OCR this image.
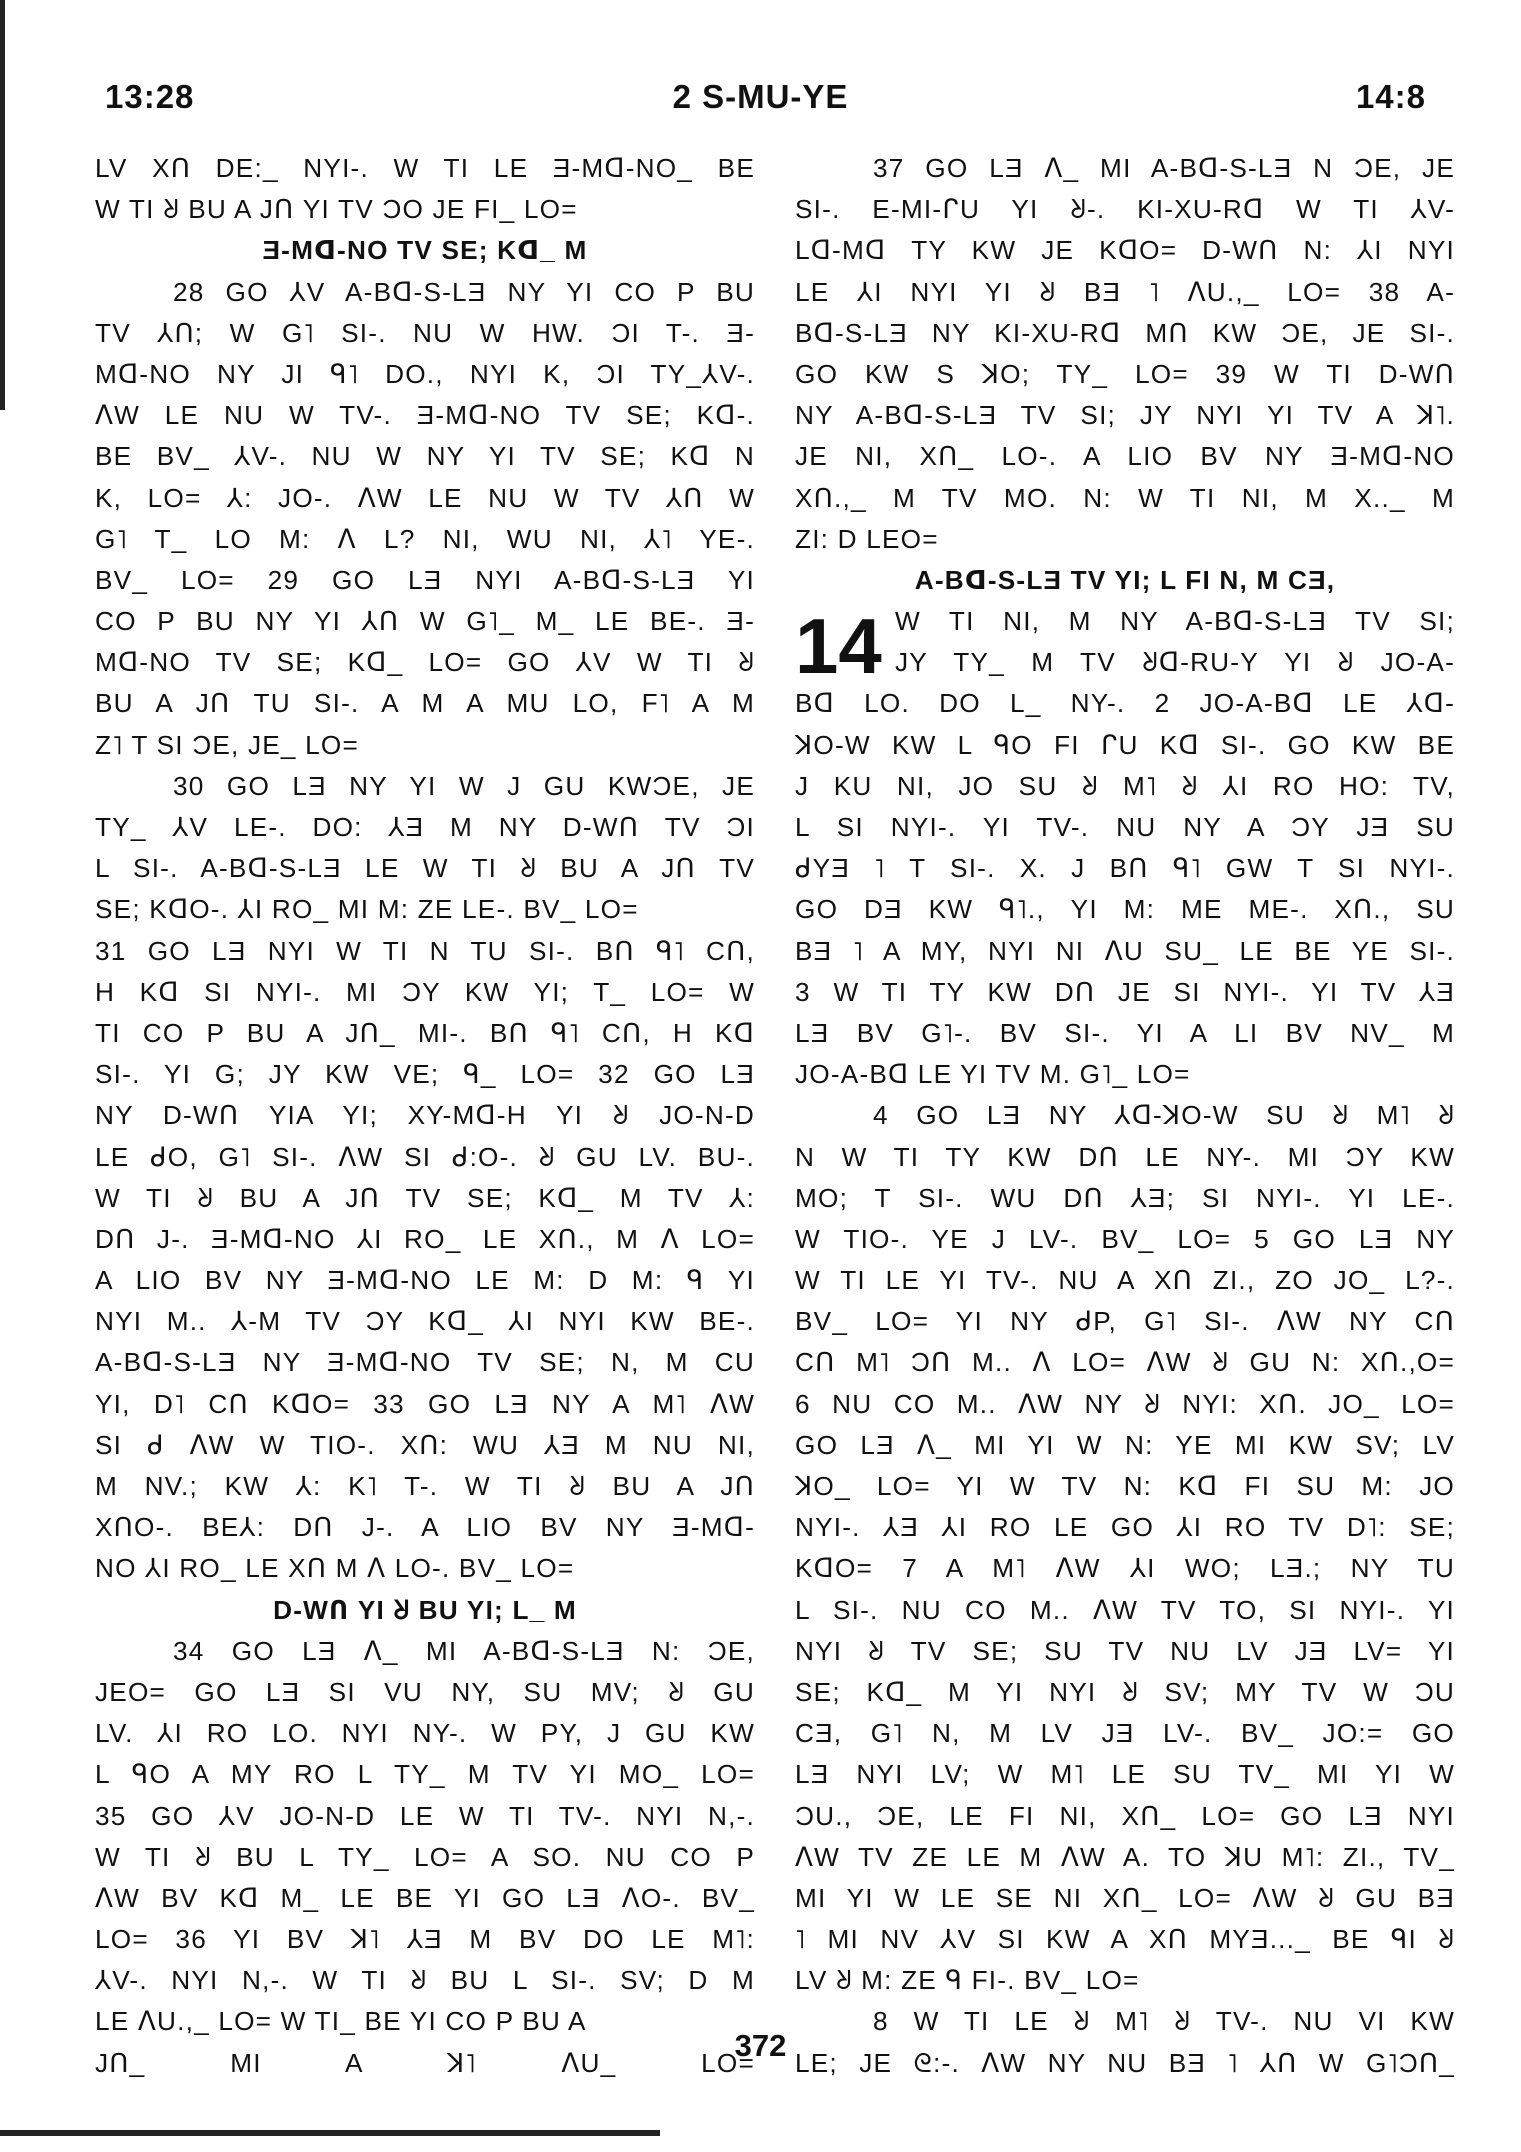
2 S-MU-YE
13:28	14:8
LV XՈ DE:_ NYI-. W TI LE Ǝ-Mᗡ-NO_ BE
W TI ᖈ BU A JՈ YI TV ƆO JE FI_ LO=
Ǝ-Mᗡ-NO TV SE; Kᗡ_ M
28 GO ⅄V A-Bᗡ-S-LƎ NY YI CO P BU
TV ⅄Ո; W G˥ SI-. NU W HW. ƆI T-. Ǝ-
Mᗡ-NO NY JI ᑫ˥ DO., NYI K, ƆI TY_⅄V-.
ᐱW LE NU W TV-. Ǝ-Mᗡ-NO TV SE; Kᗡ-.
BE BV_ ⅄V-. NU W NY YI TV SE; Kᗡ N
K, LO= ⅄: JO-. ᐱW LE NU W TV ⅄Ո W
G˥ T_ LO M: ᐱ L? NI, WU NI, ⅄˥ YE-.
BV_ LO= 29 GO LƎ NYI A-Bᗡ-S-LƎ YI
CO P BU NY YI ⅄Ո W G˥_ M_ LE BE-. Ǝ-
Mᗡ-NO TV SE; Kᗡ_ LO= GO ⅄V W TI ᖈ
BU A JՈ TU SI-. A M A MU LO, F˥ A M
Z˥ T SI ƆE, JE_ LO=
30 GO LƎ NY YI W J GU KWƆE, JE
TY_ ⅄V LE-. DO: ⅄Ǝ M NY D-WՈ TV ƆI
L SI-. A-Bᗡ-S-LƎ LE W TI ᖈ BU A JՈ TV
SE; KᗡO-. ⅄I RO_ MI M: ZE LE-. BV_ LO=
31 GO LƎ NYI W TI N TU SI-. BՈ ᑫ˥ CՈ,
H Kᗡ SI NYI-. MI ƆY KW YI; T_ LO= W
TI CO P BU A JՈ_ MI-. BՈ ᑫ˥ CՈ, H Kᗡ
SI-. YI G; JY KW VE; ᑫ_ LO= 32 GO LƎ
NY D-WՈ YIA YI; XY-Mᗡ-H YI ᖈ JO-N-D
LE ᑯO, G˥ SI-. ᐱW SI ᑯ:O-. ᖈ GU LV. BU-.
W TI ᖈ BU A JՈ TV SE; Kᗡ_ M TV ⅄:
DՈ J-. Ǝ-Mᗡ-NO ⅄I RO_ LE XՈ., M ᐱ LO=
A LIO BV NY Ǝ-Mᗡ-NO LE M: D M: ᑫ YI
NYI M.. ⅄-M TV ƆY Kᗡ_ ⅄I NYI KW BE-.
A-Bᗡ-S-LƎ NY Ǝ-Mᗡ-NO TV SE; N, M CU
YI, D˥ CՈ KᗡO= 33 GO LƎ NY A M˥ ᐱW
SI ᑯ ᐱW W TIO-. XՈ: WU ⅄Ǝ M NU NI,
M NV.; KW ⅄: K˥ T-. W TI ᖈ BU A JՈ
XՈO-. BE⅄: DՈ J-. A LIO BV NY Ǝ-Mᗡ-
NO ⅄I RO_ LE XՈ M ᐱ LO-. BV_ LO=
D-WՈ YI ᖈ BU YI; L_ M
34 GO LƎ ᐱ_ MI A-Bᗡ-S-LƎ N: ƆE,
JEO= GO LƎ SI VU NY, SU MV; ᖈ GU
LV. ⅄I RO LO. NYI NY-. W PY, J GU KW
L ᑫO A MY RO L TY_ M TV YI MO_ LO=
35 GO ⅄V JO-N-D LE W TI TV-. NYI N,-.
W TI ᖈ BU L TY_ LO= A SO. NU CO P
ᐱW BV Kᗡ M_ LE BE YI GO LƎ ᐱO-. BV_
LO= 36 YI BV ꓘ˥ ⅄Ǝ M BV DO LE M˥:
⅄V-. NYI N,-. W TI ᖈ BU L SI-. SV; D M
LE ᐱU.,_ LO= W TI_ BE YI CO P BU A
JՈ_ MI A ꓘ˥ ᐱU_ LO=
37 GO LƎ ᐱ_ MI A-Bᗡ-S-LƎ N ƆE, JE
SI-. E-MI-ᒋU YI ᖈ-. KI-XU-Rᗡ W TI ⅄V-
Lᗡ-Mᗡ TY KW JE KᗡO= D-WՈ N: ⅄I NYI
LE ⅄I NYI YI ᖈ BƎ ˥ ᐱU.,_ LO= 38 A-
Bᗡ-S-LƎ NY KI-XU-Rᗡ MՈ KW ƆE, JE SI-.
GO KW S ꓘO; TY_ LO= 39 W TI D-WՈ
NY A-Bᗡ-S-LƎ TV SI; JY NYI YI TV A ꓘ˥.
JE NI, XՈ_ LO-. A LIO BV NY Ǝ-Mᗡ-NO
XՈ.,_ M TV MO. N: W TI NI, M X.._ M
ZI: D LEO=
A-Bᗡ-S-LƎ TV YI; L FI N, M CƎ,
14 W TI NI, M NY A-Bᗡ-S-LƎ TV SI;
JY TY_ M TV ᖈᗡ-RU-Y YI ᖈ JO-A-
Bᗡ LO. DO L_ NY-. 2 JO-A-Bᗡ LE ⅄ᗡ-
ꓘO-W KW L ᑫO FI ᒋU Kᗡ SI-. GO KW BE
J KU NI, JO SU ᖈ M˥ ᖈ ⅄I RO HO: TV,
L SI NYI-. YI TV-. NU NY A ƆY JƎ SU
ᑯYƎ ˥ T SI-. X. J BՈ ᑫ˥ GW T SI NYI-.
GO DƎ KW ᑫ˥., YI M: ME ME-. XՈ., SU
BƎ ˥ A MY, NYI NI ᐱU SU_ LE BE YE SI-.
3 W TI TY KW DՈ JE SI NYI-. YI TV ⅄Ǝ
LƎ BV G˥-. BV SI-. YI A LI BV NV_ M
JO-A-Bᗡ LE YI TV M. G˥_ LO=
4 GO LƎ NY ⅄ᗡ-ꓘO-W SU ᖈ M˥ ᖈ
N W TI TY KW DՈ LE NY-. MI ƆY KW
MO; T SI-. WU DՈ ⅄Ǝ; SI NYI-. YI LE-.
W TIO-. YE J LV-. BV_ LO= 5 GO LƎ NY
W TI LE YI TV-. NU A XՈ ZI., ZO JO_ L?-.
BV_ LO= YI NY ᑯP, G˥ SI-. ᐱW NY CՈ
CՈ M˥ ƆՈ M.. ᐱ LO= ᐱW ᖈ GU N: XՈ.,O=
6 NU CO M.. ᐱW NY ᖈ NYI: XՈ. JO_ LO=
GO LƎ ᐱ_ MI YI W N: YE MI KW SV; LV
ꓘO_ LO= YI W TV N: Kᗡ FI SU M: JO
NYI-. ⅄Ǝ ⅄I RO LE GO ⅄I RO TV D˥: SE;
KᗡO= 7 A M˥ ᐱW ⅄I WO; LƎ.; NY TU
L SI-. NU CO M.. ᐱW TV TO, SI NYI-. YI
NYI ᖈ TV SE; SU TV NU LV JƎ LV= YI
SE; Kᗡ_ M YI NYI ᖈ SV; MY TV W ƆU
CƎ, G˥ N, M LV JƎ LV-. BV_ JO:= GO
LƎ NYI LV; W M˥ LE SU TV_ MI YI W
ƆU., ƆE, LE FI NI, XՈ_ LO= GO LƎ NYI
ᐱW TV ZE LE M ᐱW A. TO ꓘU M˥: ZI., TV_
MI YI W LE SE NI XՈ_ LO= ᐱW ᖈ GU BƎ
˥ MI NV ⅄V SI KW A XՈ MYƎ..._ BE ᑫI ᖈ
LV ᖈ M: ZE ᑫ FI-. BV_ LO=
8 W TI LE ᖈ M˥ ᖈ TV-. NU VI KW
LE; JE ᘓ:-. ᐱW NY NU BƎ ˥ ⅄Ո W G˥ƆՈ_
372
